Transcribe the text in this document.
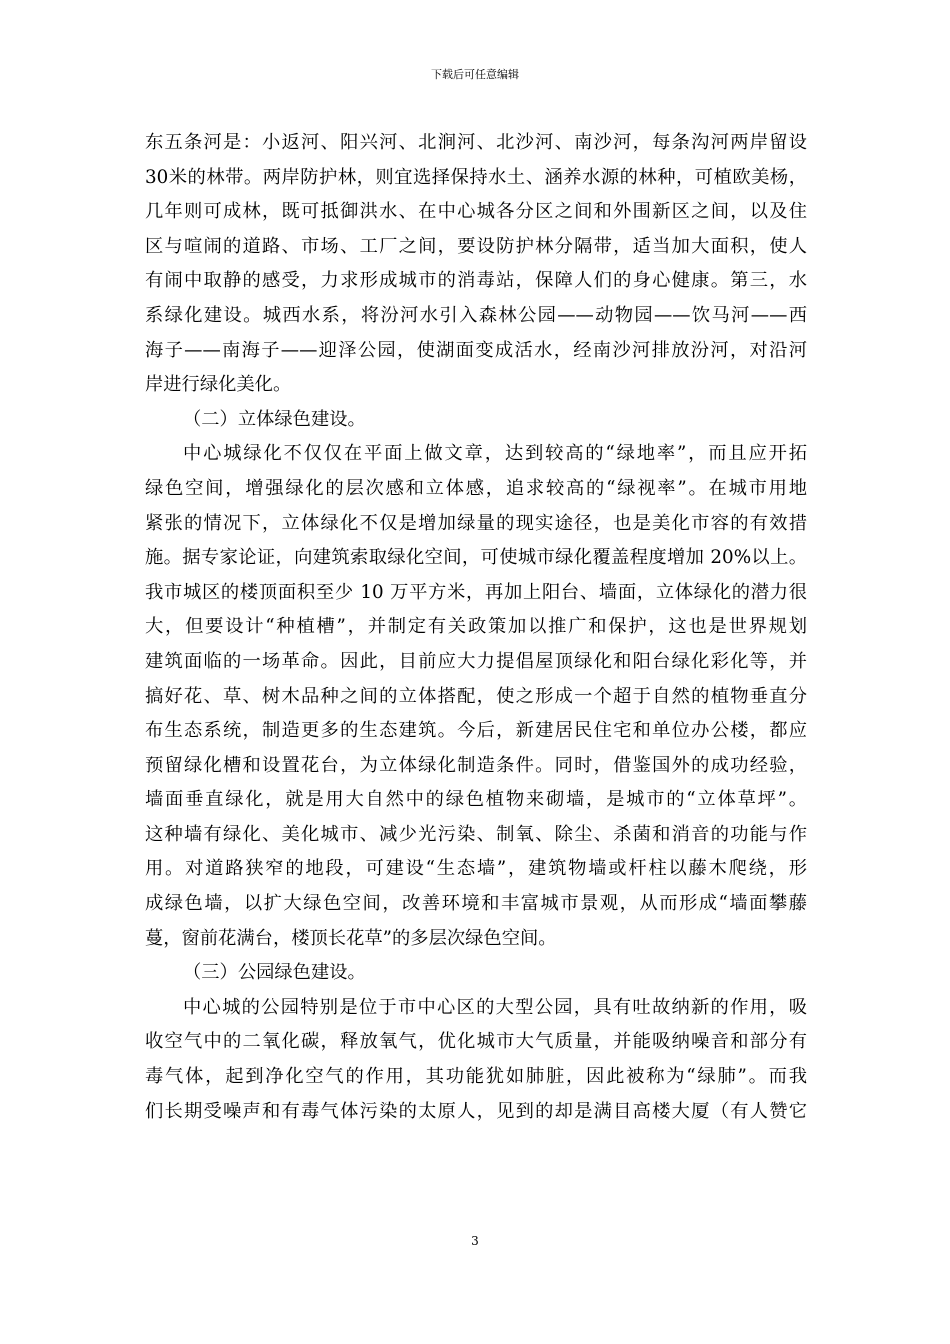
下载后可任意编辑
东五条河是：小返河、阳兴河、北涧河、北沙河、南沙河，每条沟河两岸留设
30米的林带。两岸防护林，则宜选择保持水土、涵养水源的林种，可植欧美杨，
几年则可成林，既可抵御洪水、在中心城各分区之间和外围新区之间，以及住
区与喧闹的道路、市场、工厂之间，要设防护林分隔带，适当加大面积，使人
有闹中取静的感受，力求形成城市的消毒站，保障人们的身心健康。第三，水
系绿化建设。城西水系，将汾河水引入森林公园——动物园——饮马河——西
海子——南海子——迎泽公园，使湖面变成活水，经南沙河排放汾河，对沿河
岸进行绿化美化。
（二）立体绿色建设。
中心城绿化不仅仅在平面上做文章，达到较高的“绿地率”，而且应开拓
绿色空间，增强绿化的层次感和立体感，追求较高的“绿视率”。在城市用地
紧张的情况下，立体绿化不仅是增加绿量的现实途径，也是美化市容的有效措
施。据专家论证，向建筑索取绿化空间，可使城市绿化覆盖程度增加 20%以上。
我市城区的楼顶面积至少 10 万平方米，再加上阳台、墙面，立体绿化的潜力很
大，但要设计“种植槽”，并制定有关政策加以推广和保护，这也是世界规划
建筑面临的一场革命。因此，目前应大力提倡屋顶绿化和阳台绿化彩化等，并
搞好花、草、树木品种之间的立体搭配，使之形成一个超于自然的植物垂直分
布生态系统，制造更多的生态建筑。今后，新建居民住宅和单位办公楼，都应
预留绿化槽和设置花台，为立体绿化制造条件。同时，借鉴国外的成功经验，
墙面垂直绿化，就是用大自然中的绿色植物来砌墙，是城市的“立体草坪”。
这种墙有绿化、美化城市、减少光污染、制氧、除尘、杀菌和消音的功能与作
用。对道路狭窄的地段，可建设“生态墙”，建筑物墙或杆柱以藤木爬绕，形
成绿色墙，以扩大绿色空间，改善环境和丰富城市景观，从而形成“墙面攀藤
蔓，窗前花满台，楼顶长花草”的多层次绿色空间。
（三）公园绿色建设。
中心城的公园特别是位于市中心区的大型公园，具有吐故纳新的作用，吸
收空气中的二氧化碳，释放氧气，优化城市大气质量，并能吸纳噪音和部分有
毒气体，起到净化空气的作用，其功能犹如肺脏，因此被称为“绿肺”。而我
们长期受噪声和有毒气体污染的太原人，见到的却是满目高楼大厦（有人赞它
3
